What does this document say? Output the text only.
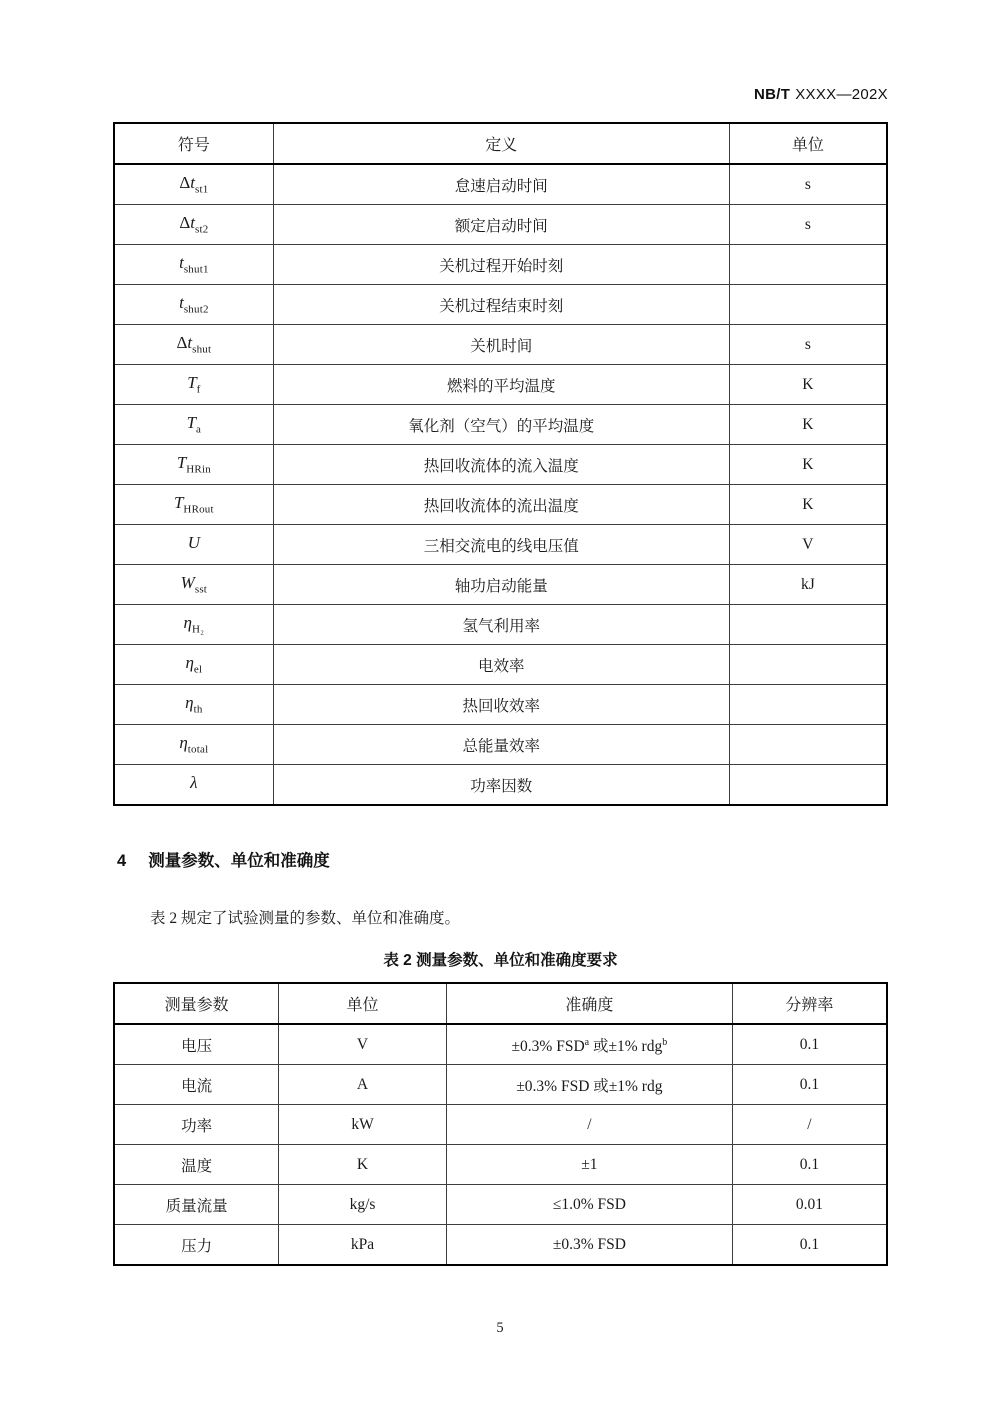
NB/T XXXX—202X
符号	定义	单位
$\Delta t_{st1}$	怠速启动时间	s
$\Delta t_{st2}$	额定启动时间	s
$t_{shut1}$	关机过程开始时刻	
$t_{shut2}$	关机过程结束时刻	
$\Delta t_{shut}$	关机时间	s
$T_f$	燃料的平均温度	K
$T_a$	氧化剂（空气）的平均温度	K
$T_{HRin}$	热回收流体的流入温度	K
$T_{HRout}$	热回收流体的流出温度	K
U	三相交流电的线电压值	V
$W_{sst}$	轴功启动能量	kJ
$\eta_{H_2}$	氢气利用率	
$\eta_{el}$	电效率	
$\eta_{th}$	热回收效率	
$\eta_{total}$	总能量效率	
λ	功率因数	
4 测量参数、单位和准确度

表 2 规定了试验测量的参数、单位和准确度。

表 2 测量参数、单位和准确度要求
测量参数	单位	准确度	分辨率
电压	V	±0.3% FSD$^a$ 或±1% rdg$^b$	0.1
电流	A	±0.3% FSD 或±1% rdg	0.1
功率	kW	/	/
温度	K	±1	0.1
质量流量	kg/s	≤1.0% FSD	0.01
压力	kPa	±0.3% FSD	0.1
5
